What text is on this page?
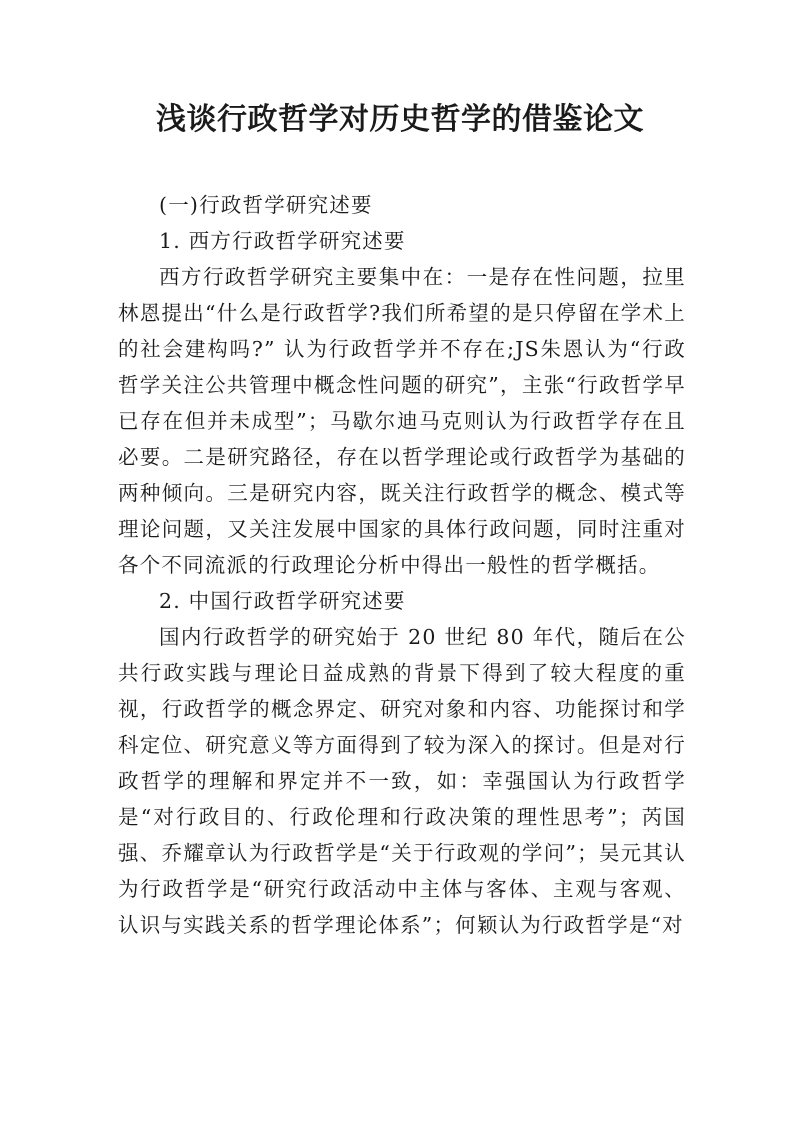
浅谈行政哲学对历史哲学的借鉴论文

(一)行政哲学研究述要

1. 西方行政哲学研究述要

西方行政哲学研究主要集中在：一是存在性问题，拉里林恩提出“什么是行政哲学?我们所希望的是只停留在学术上的社会建构吗?” 认为行政哲学并不存在;JS朱恩认为“行政哲学关注公共管理中概念性问题的研究”，主张“行政哲学早已存在但并未成型”；马歇尔迪马克则认为行政哲学存在且必要。二是研究路径，存在以哲学理论或行政哲学为基础的两种倾向。三是研究内容，既关注行政哲学的概念、模式等理论问题，又关注发展中国家的具体行政问题，同时注重对各个不同流派的行政理论分析中得出一般性的哲学概括。

2. 中国行政哲学研究述要

国内行政哲学的研究始于 20 世纪 80 年代，随后在公共行政实践与理论日益成熟的背景下得到了较大程度的重视，行政哲学的概念界定、研究对象和内容、功能探讨和学科定位、研究意义等方面得到了较为深入的探讨。但是对行政哲学的理解和界定并不一致，如：幸强国认为行政哲学是“对行政目的、行政伦理和行政决策的理性思考”；芮国强、乔耀章认为行政哲学是“关于行政观的学问”；吴元其认为行政哲学是“研究行政活动中主体与客体、主观与客观、认识与实践关系的哲学理论体系”；何颖认为行政哲学是“对
